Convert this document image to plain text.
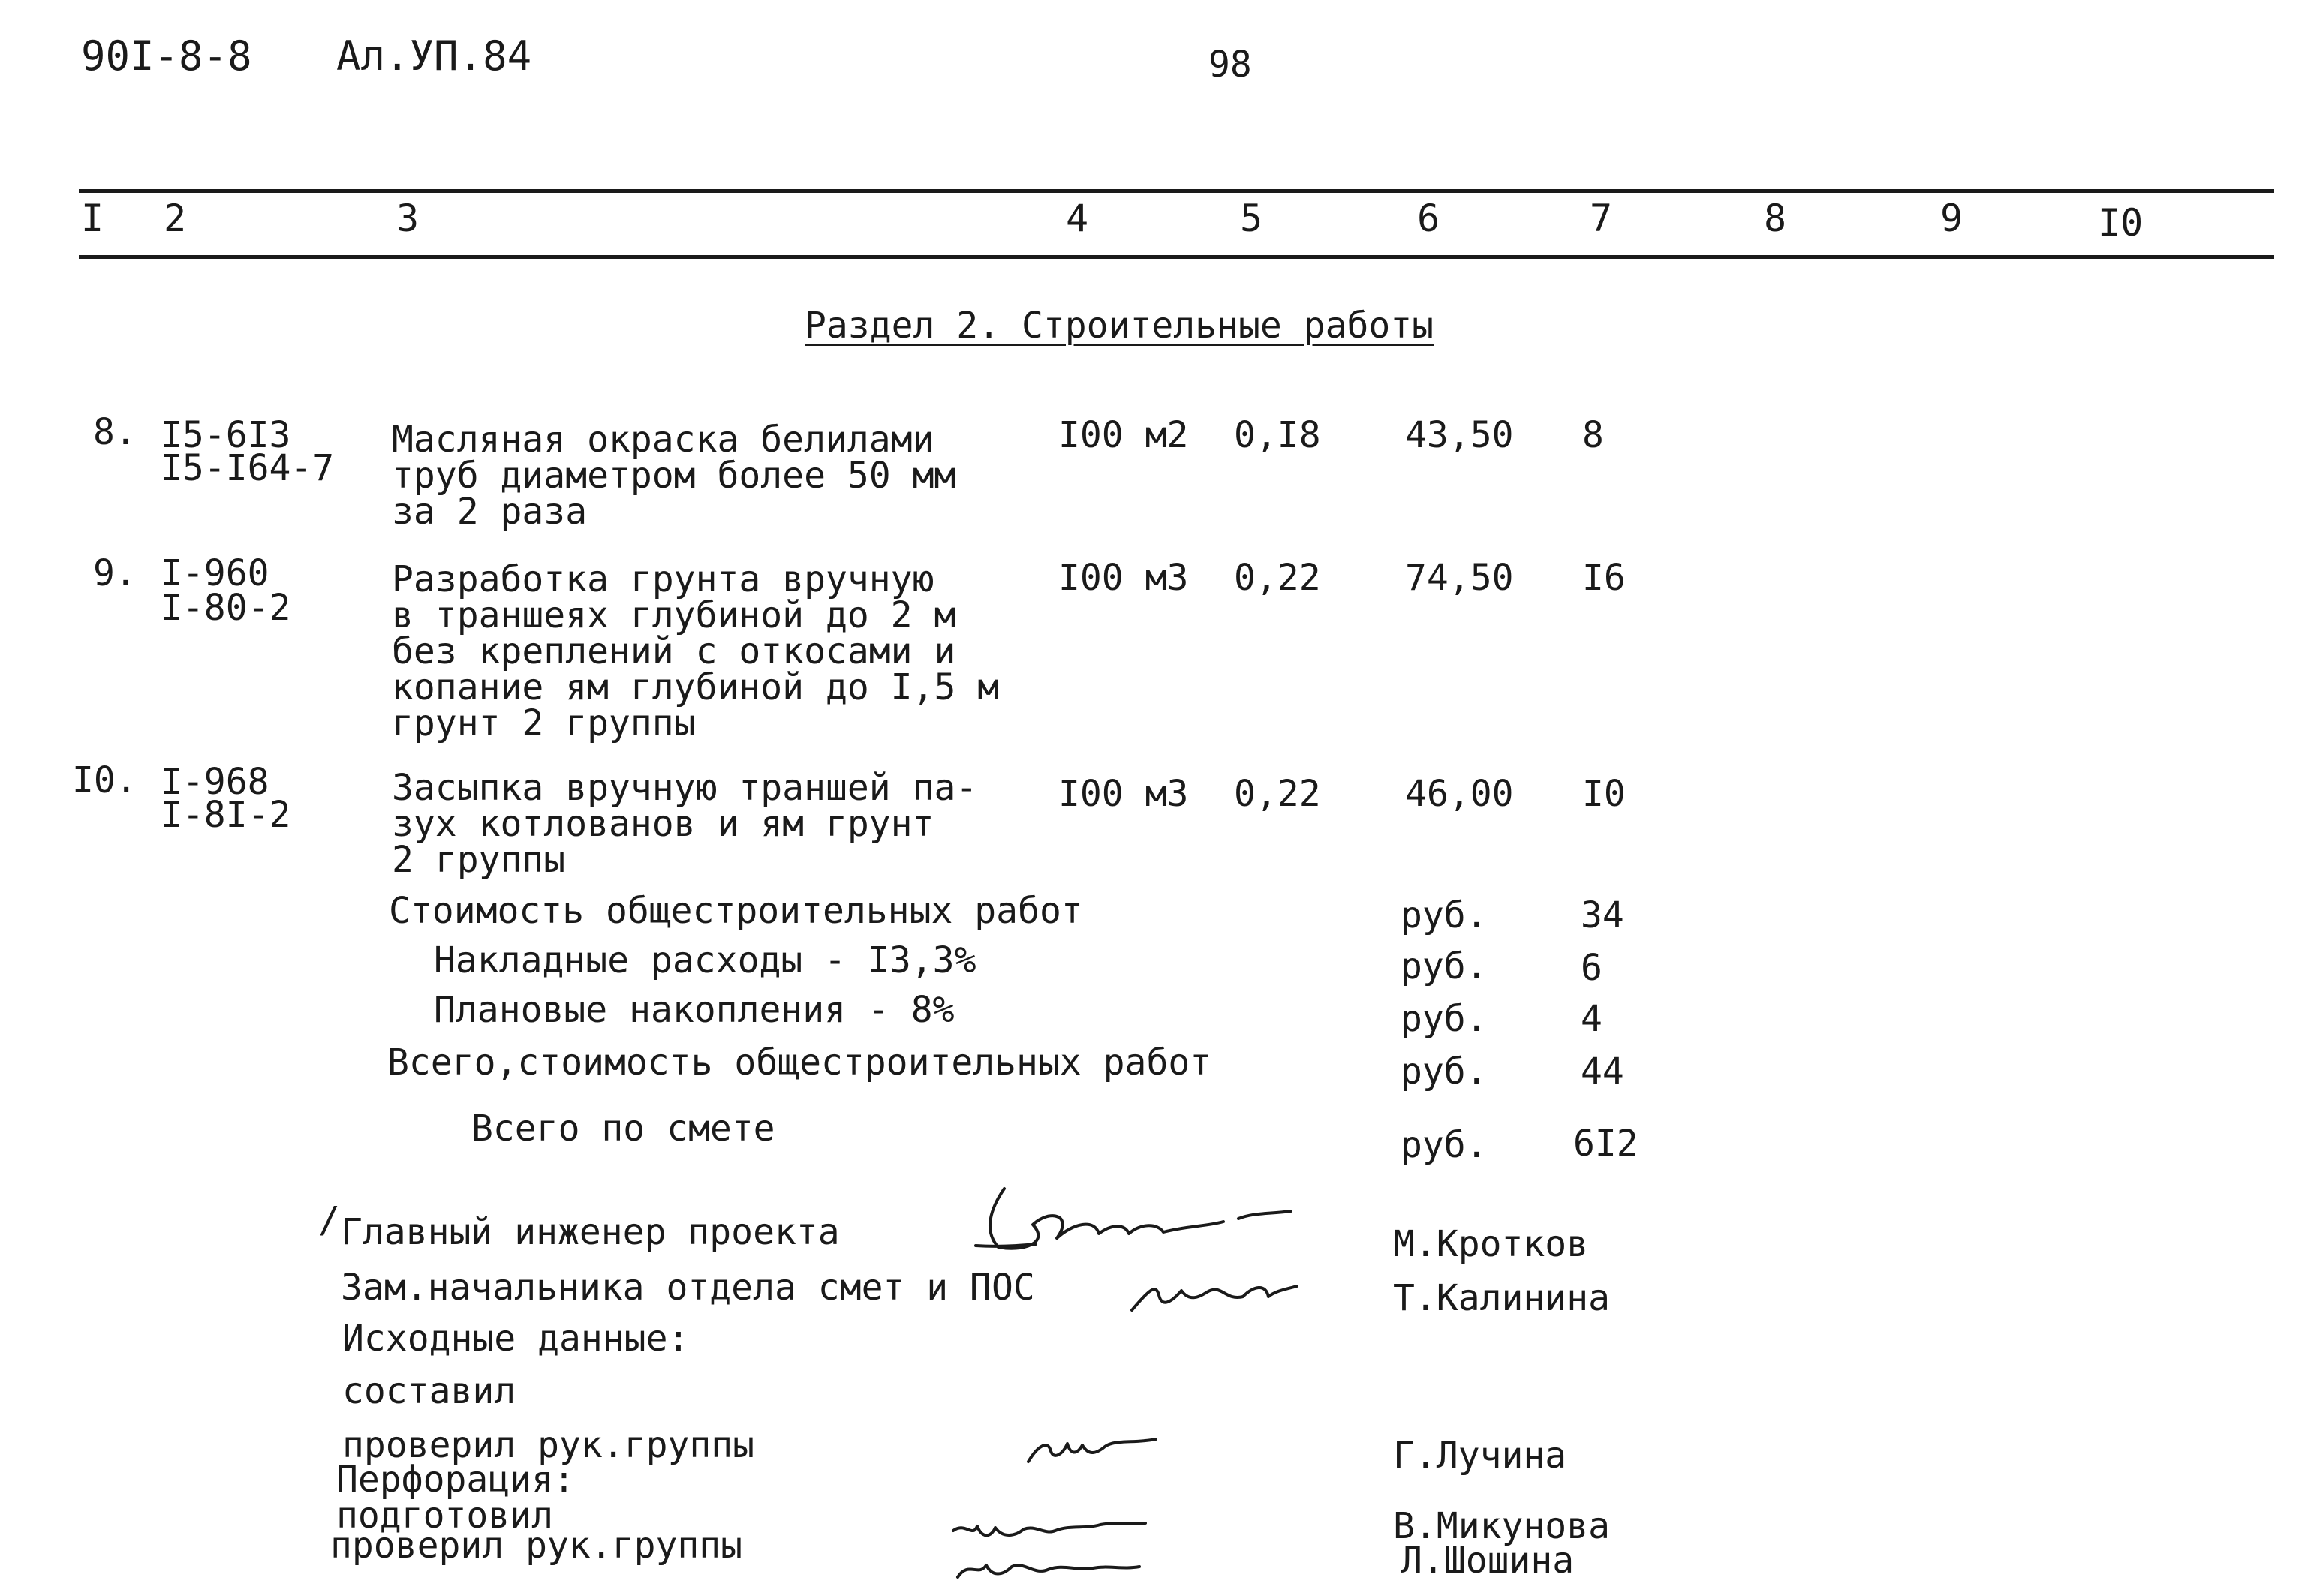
90I-8-8 Ал.УП.84	98
I 2	3	4	5	6	7	8	9	I0
Раздел 2. Строительные работы
8. I5-6I3
I5-I64-7
Масляная окраска белилами
труб диаметром более 50 мм
за 2 раза
I00 м2 0,I8 43,50 8
9. I-960
I-80-2
Разработка грунта вручную
в траншеях глубиной до 2 м
без креплений с откосами и
копание ям глубиной до I,5 м
грунт 2 группы
I00 м3 0,22 74,50 I6
I0. I-968
I-8I-2
Засыпка вручную траншей па-
зух котлованов и ям грунт
2 группы
I00 м3 0,22 46,00 I0
Стоимость общестроительных работ	руб.	34
Накладные расходы - I3,3%	руб.	6
Плановые накопления - 8%	руб.	4
Всего,стоимость общестроительных работ	руб.	44
Всего по смете	руб. 6I2
/ Главный инженер проекта	М.Кротков
Зам.начальника отдела смет и ПОС	Т.Калинина
Исходные данные:
составил
проверил рук.группы	Г.Лучина
Перфорация:
подготовил	В.Микунова
проверил рук.группы	Л.Шошина
